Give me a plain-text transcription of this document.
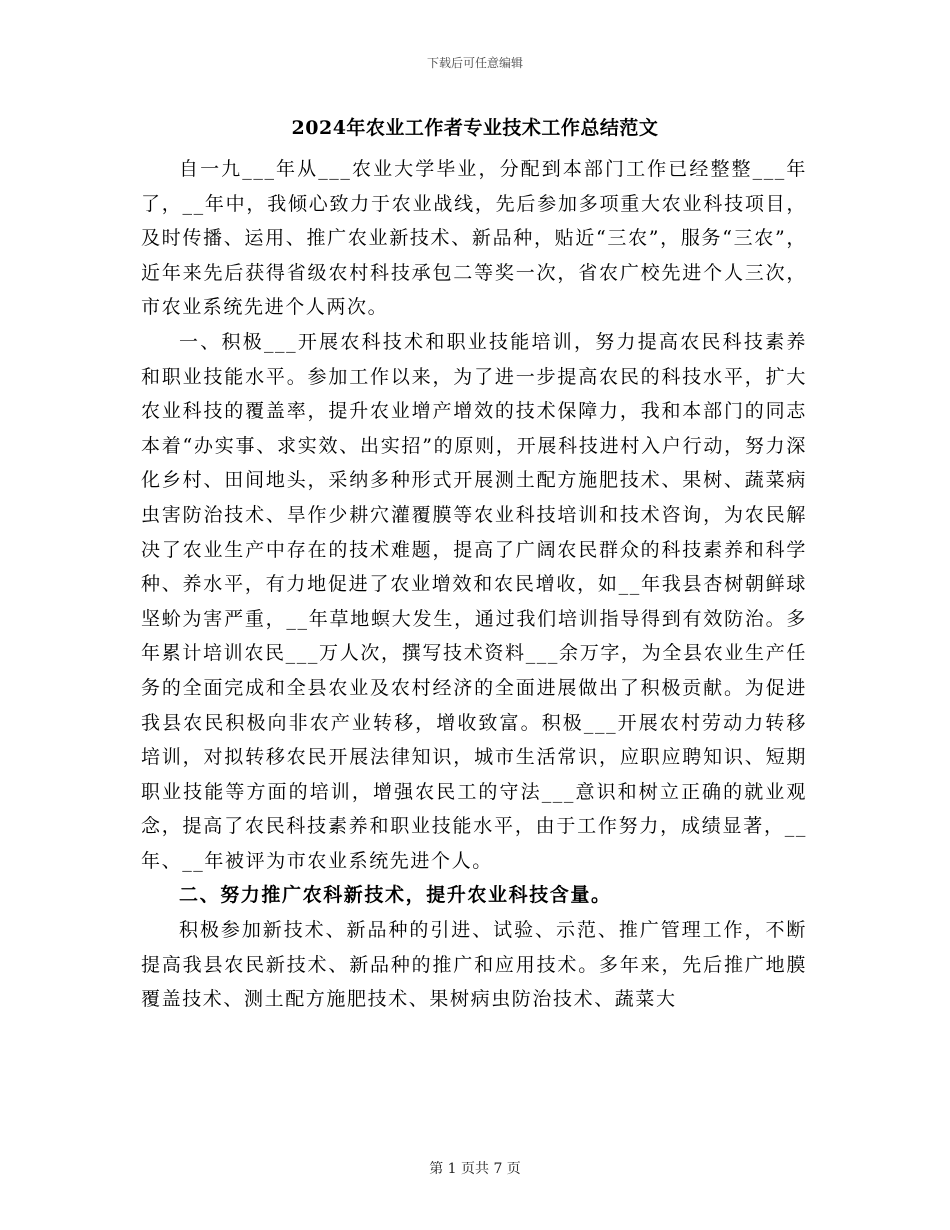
下载后可任意编辑
2024年农业工作者专业技术工作总结范文

自一九___年从___农业大学毕业，分配到本部门工作已经整整___年了，__年中，我倾心致力于农业战线，先后参加多项重大农业科技项目，及时传播、运用、推广农业新技术、新品种，贴近“三农”，服务“三农”，近年来先后获得省级农村科技承包二等奖一次，省农广校先进个人三次，市农业系统先进个人两次。

一、积极___开展农科技术和职业技能培训，努力提高农民科技素养和职业技能水平。参加工作以来，为了进一步提高农民的科技水平，扩大农业科技的覆盖率，提升农业增产增效的技术保障力，我和本部门的同志本着“办实事、求实效、出实招”的原则，开展科技进村入户行动，努力深化乡村、田间地头，采纳多种形式开展测土配方施肥技术、果树、蔬菜病虫害防治技术、旱作少耕穴灌覆膜等农业科技培训和技术咨询，为农民解决了农业生产中存在的技术难题，提高了广阔农民群众的科技素养和科学种、养水平，有力地促进了农业增效和农民增收，如__年我县杏树朝鲜球坚蚧为害严重，__年草地螟大发生，通过我们培训指导得到有效防治。多年累计培训农民___万人次，撰写技术资料___余万字，为全县农业生产任务的全面完成和全县农业及农村经济的全面进展做出了积极贡献。为促进我县农民积极向非农产业转移，增收致富。积极___开展农村劳动力转移培训，对拟转移农民开展法律知识，城市生活常识，应职应聘知识、短期职业技能等方面的培训，增强农民工的守法___意识和树立正确的就业观念，提高了农民科技素养和职业技能水平，由于工作努力，成绩显著，__年、__年被评为市农业系统先进个人。

二、努力推广农科新技术，提升农业科技含量。

积极参加新技术、新品种的引进、试验、示范、推广管理工作，不断提高我县农民新技术、新品种的推广和应用技术。多年来，先后推广地膜覆盖技术、测土配方施肥技术、果树病虫防治技术、蔬菜大

第 1 页共 7 页
